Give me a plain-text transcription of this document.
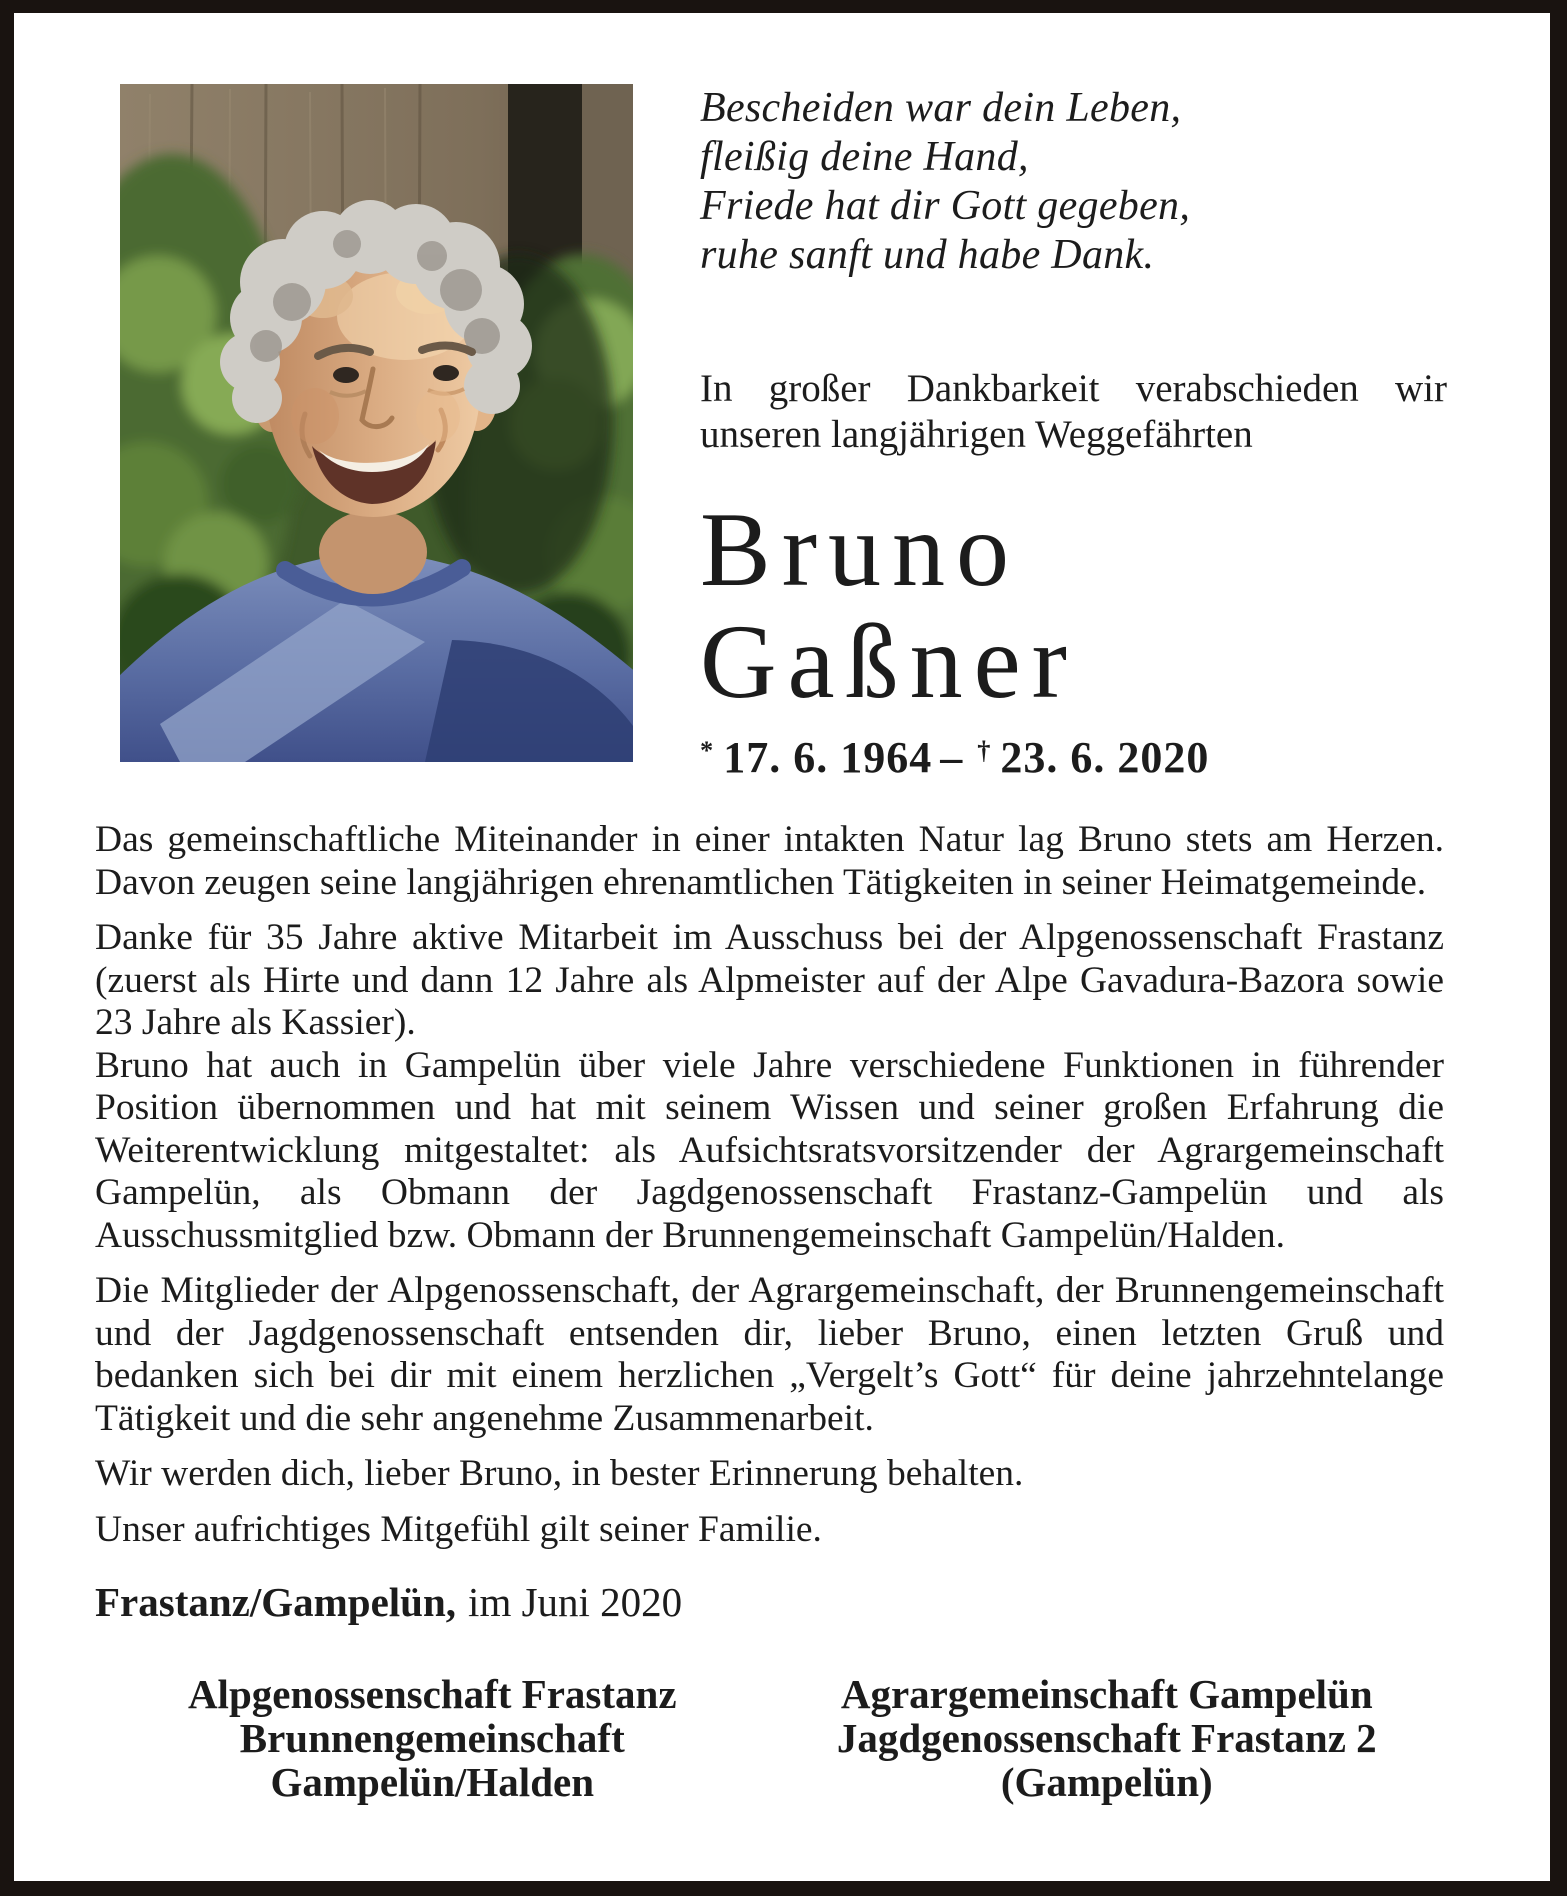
Bescheiden war dein Leben,
fleißig deine Hand,
Friede hat dir Gott gegeben,
ruhe sanft und habe Dank.
In großer Dankbarkeit verabschieden wir unseren langjährigen Weggefährten
Bruno
Gaßner
* 17. 6. 1964 – † 23. 6. 2020

Das gemeinschaftliche Miteinander in einer intakten Natur lag Bruno stets am Herzen. Davon zeugen seine langjährigen ehrenamtlichen Tätigkeiten in seiner Heimatgemeinde.

Danke für 35 Jahre aktive Mitarbeit im Ausschuss bei der Alpgenossenschaft Frastanz (zuerst als Hirte und dann 12 Jahre als Alpmeister auf der Alpe Gavadura-Bazora sowie 23 Jahre als Kassier).

Bruno hat auch in Gampelün über viele Jahre verschiedene Funktionen in führender Position übernommen und hat mit seinem Wissen und seiner großen Erfahrung die Weiterentwicklung mitgestaltet: als Aufsichtsratsvorsitzender der Agrargemeinschaft Gampelün, als Obmann der Jagdgenossenschaft Frastanz-Gampelün und als Ausschussmitglied bzw. Obmann der Brunnengemeinschaft Gampelün/Halden.

Die Mitglieder der Alpgenossenschaft, der Agrargemeinschaft, der Brunnengemeinschaft und der Jagdgenossenschaft entsenden dir, lieber Bruno, einen letzten Gruß und bedanken sich bei dir mit einem herzlichen „Vergelt’s Gott“ für deine jahrzehntelange Tätigkeit und die sehr angenehme Zusammenarbeit.

Wir werden dich, lieber Bruno, in bester Erinnerung behalten.

Unser aufrichtiges Mitgefühl gilt seiner Familie.

Frastanz/Gampelün, im Juni 2020
Alpgenossenschaft Frastanz
Brunnengemeinschaft
Gampelün/Halden
Agrargemeinschaft Gampelün
Jagdgenossenschaft Frastanz 2
(Gampelün)
